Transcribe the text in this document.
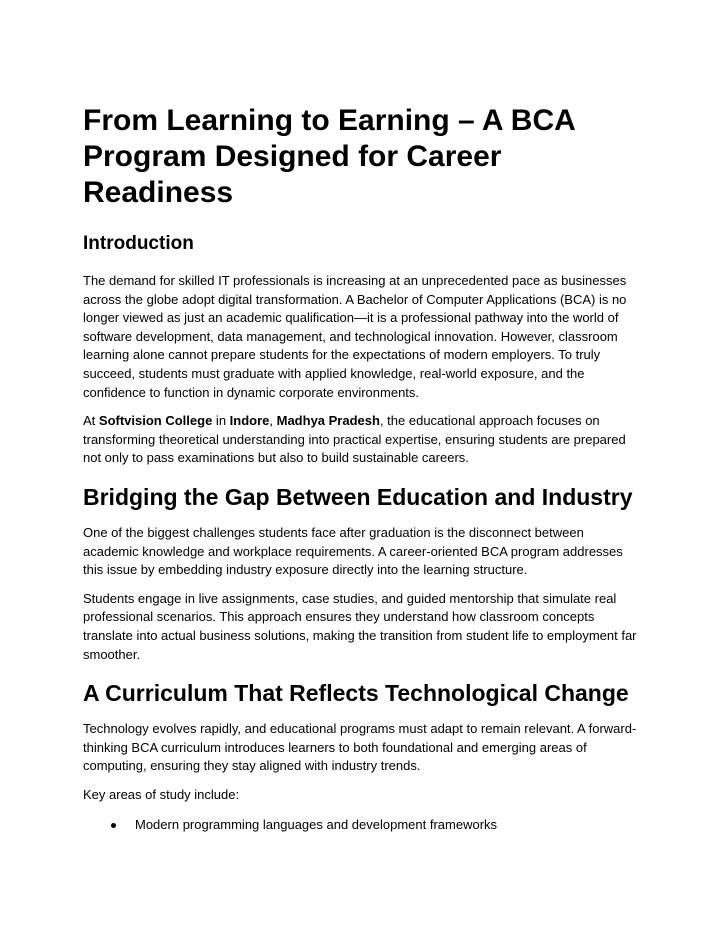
From Learning to Earning – A BCA Program Designed for Career Readiness
Introduction

The demand for skilled IT professionals is increasing at an unprecedented pace as businesses across the globe adopt digital transformation. A Bachelor of Computer Applications (BCA) is no longer viewed as just an academic qualification—it is a professional pathway into the world of software development, data management, and technological innovation. However, classroom learning alone cannot prepare students for the expectations of modern employers. To truly succeed, students must graduate with applied knowledge, real-world exposure, and the confidence to function in dynamic corporate environments.

At Softvision College in Indore, Madhya Pradesh, the educational approach focuses on transforming theoretical understanding into practical expertise, ensuring students are prepared not only to pass examinations but also to build sustainable careers.

Bridging the Gap Between Education and Industry

One of the biggest challenges students face after graduation is the disconnect between academic knowledge and workplace requirements. A career-oriented BCA program addresses this issue by embedding industry exposure directly into the learning structure.

Students engage in live assignments, case studies, and guided mentorship that simulate real professional scenarios. This approach ensures they understand how classroom concepts translate into actual business solutions, making the transition from student life to employment far smoother.

A Curriculum That Reflects Technological Change

Technology evolves rapidly, and educational programs must adapt to remain relevant. A forward-thinking BCA curriculum introduces learners to both foundational and emerging areas of computing, ensuring they stay aligned with industry trends.

Key areas of study include:

Modern programming languages and development frameworks
